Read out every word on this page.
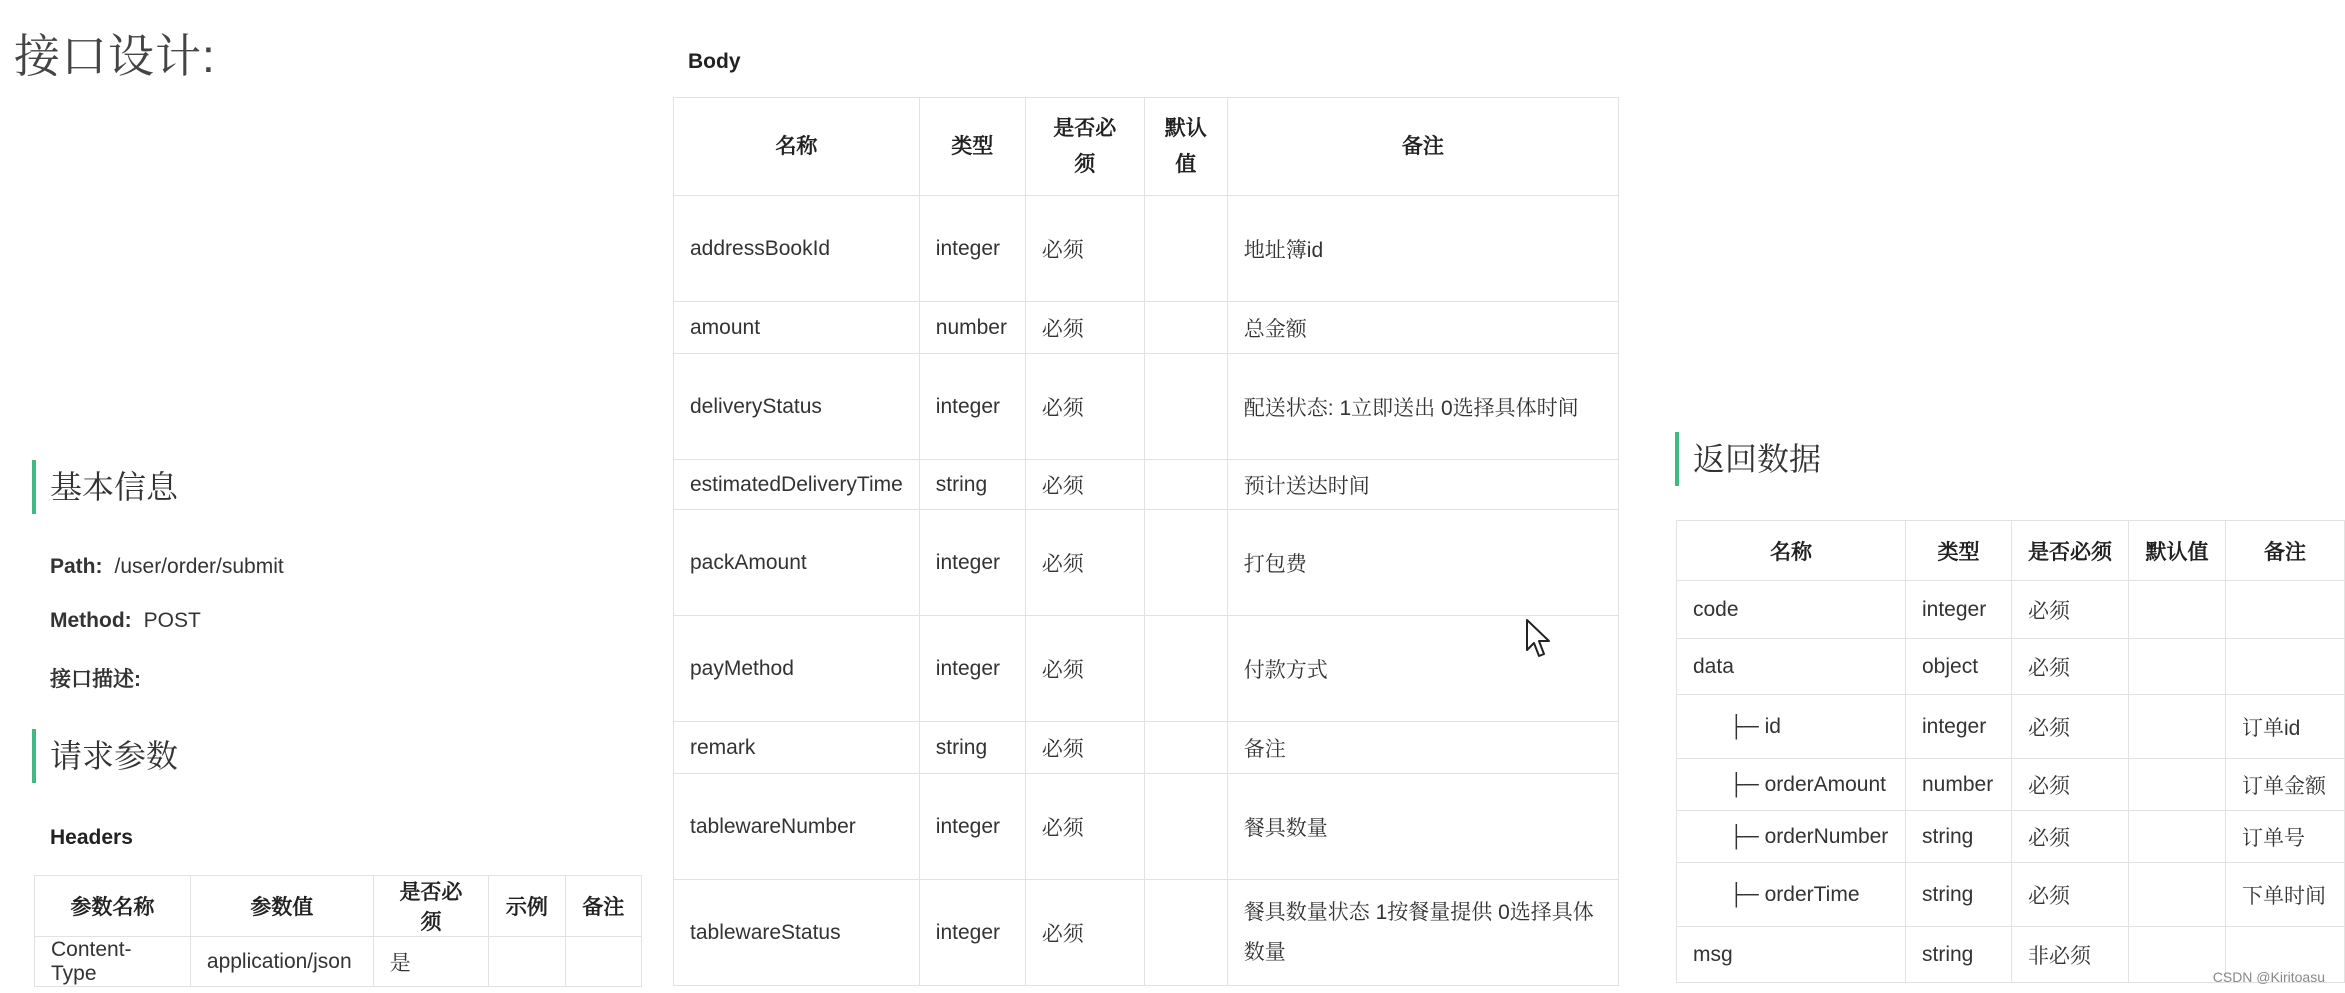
接口设计:
基本信息
Path: /user/order/submit
Method: POST
接口描述:
请求参数
Headers
参数名称	参数值	是否必须	示例	备注
Content-Type	application/json	是		
Body
名称	类型	是否必须	默认值	备注
addressBookId	integer	必须		地址簿id
amount	number	必须		总金额
deliveryStatus	integer	必须		配送状态: 1立即送出 0选择具体时间
estimatedDeliveryTime	string	必须		预计送达时间
packAmount	integer	必须		打包费
payMethod	integer	必须		付款方式
remark	string	必须		备注
tablewareNumber	integer	必须		餐具数量
tablewareStatus	integer	必须		餐具数量状态 1按餐量提供 0选择具体数量
返回数据
名称	类型	是否必须	默认值	备注
code	integer	必须		
data	object	必须		
├─ id	integer	必须		订单id
├─ orderAmount	number	必须		订单金额
├─ orderNumber	string	必须		订单号
├─ orderTime	string	必须		下单时间
msg	string	非必须		
CSDN @Kiritoasu
